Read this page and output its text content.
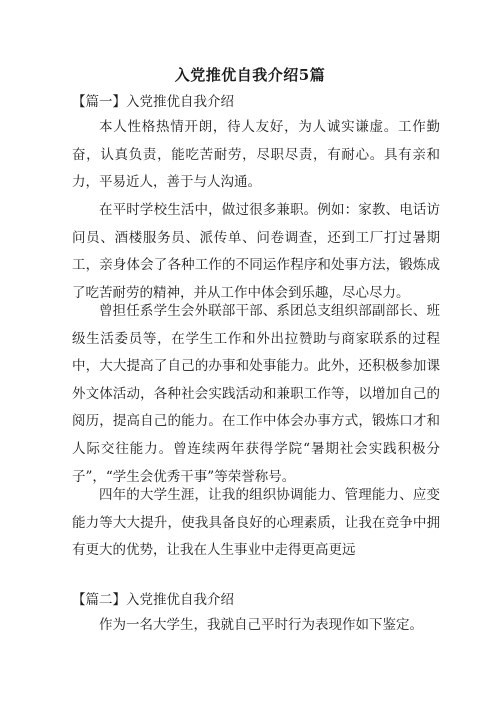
入党推优自我介绍5篇
【篇一】入党推优自我介绍

本人性格热情开朗，待人友好，为人诚实谦虚。工作勤奋，认真负责，能吃苦耐劳，尽职尽责，有耐心。具有亲和力，平易近人，善于与人沟通。

在平时学校生活中，做过很多兼职。例如：家教、电话访问员、酒楼服务员、派传单、问卷调查，还到工厂打过暑期工，亲身体会了各种工作的不同运作程序和处事方法，锻炼成了吃苦耐劳的精神，并从工作中体会到乐趣，尽心尽力。

曾担任系学生会外联部干部、系团总支组织部副部长、班级生活委员等，在学生工作和外出拉赞助与商家联系的过程中，大大提高了自己的办事和处事能力。此外，还积极参加课外文体活动，各种社会实践活动和兼职工作等，以增加自己的阅历，提高自己的能力。在工作中体会办事方式，锻炼口才和人际交往能力。曾连续两年获得学院“暑期社会实践积极分子”，“学生会优秀干事”等荣誉称号。

四年的大学生涯，让我的组织协调能力、管理能力、应变能力等大大提升，使我具备良好的心理素质，让我在竞争中拥有更大的优势，让我在人生事业中走得更高更远

【篇二】入党推优自我介绍

作为一名大学生，我就自己平时行为表现作如下鉴定。
